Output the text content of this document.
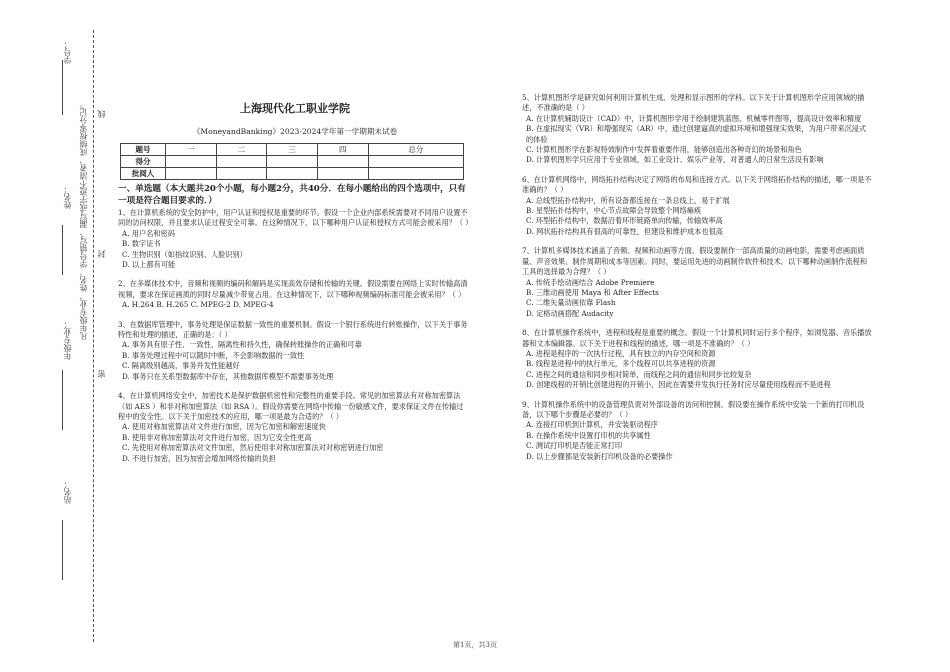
学号：
姓名：
年级专业：
站名：
凡年级专业、姓名、学号错写、漏写或字迹不清者，成绩按零分记。 线
封
密
上海现代化工职业学院
《MoneyandBanking》2023-2024学年第一学期期末试卷
题号	一	二	三	四	总分
得分					
批阅人					
一、单选题（本大题共20个小题，每小题2分，共40分．在每小题给出的四个选项中，只有一项是符合题目要求的．）

1、在计算机系统的安全防护中，用户认证和授权是重要的环节。假设一个企业内部系统需要对不同用户设置不同的访问权限，并且要求认证过程安全可靠。在这种情况下，以下哪种用户认证和授权方式可能会被采用？（ ）

A. 用户名和密码

B. 数字证书

C. 生物识别（如指纹识别、人脸识别）

D. 以上都有可能

2、在多媒体技术中，音频和视频的编码和解码是实现高效存储和传输的关键。假设需要在网络上实时传输高清视频，要求在保证画质的同时尽量减少带宽占用。在这种情况下，以下哪种视频编码标准可能会被采用？（ ）

A. H.264 B. H.265 C. MPEG-2 D. MPEG-4

3、在数据库管理中，事务处理是保证数据一致性的重要机制。假设一个银行系统进行转账操作，以下关于事务特性和处理的描述，正确的是：（ ）

A. 事务具有原子性、一致性、隔离性和持久性，确保转账操作的正确和可靠

B. 事务处理过程中可以随时中断，不会影响数据的一致性

C. 隔离级别越高，事务并发性能越好

D. 事务只在关系型数据库中存在，其他数据库模型不需要事务处理

4、在计算机网络安全中，加密技术是保护数据机密性和完整性的重要手段。常见的加密算法有对称加密算法（如 AES ）和非对称加密算法（如 RSA ）。假设你需要在网络中传输一份敏感文件，要求保证文件在传输过程中的安全性。以下关于加密技术的应用，哪一项是最为合适的？（ ）

A. 使用对称加密算法对文件进行加密，因为它加密和解密速度快

B. 使用非对称加密算法对文件进行加密，因为它安全性更高

C. 先使用对称加密算法对文件加密，然后使用非对称加密算法对对称密钥进行加密

D. 不进行加密，因为加密会增加网络传输的负担

5、计算机图形学是研究如何利用计算机生成、处理和显示图形的学科。以下关于计算机图形学应用领域的描述，不准确的是（ ）

A. 在计算机辅助设计（CAD）中，计算机图形学用于绘制建筑蓝图、机械零件图等，提高设计效率和精度

B. 在虚拟现实（VR）和增强现实（AR）中，通过创建逼真的虚拟环境和增强现实效果，为用户带来沉浸式的体验

C. 计算机图形学在影视特效制作中发挥着重要作用，能够创造出各种奇幻的场景和角色

D. 计算机图形学只应用于专业领域，如工业设计、娱乐产业等，对普通人的日常生活没有影响

6、在计算机网络中，网络拓扑结构决定了网络的布局和连接方式。以下关于网络拓扑结构的描述，哪一项是不准确的？（ ）

A. 总线型拓扑结构中，所有设备都连接在一条总线上，易于扩展

B. 星型拓扑结构中，中心节点故障会导致整个网络瘫痪

C. 环型拓扑结构中，数据沿着环形链路单向传输，传输效率高

D. 网状拓扑结构具有很高的可靠性，但建设和维护成本也很高

7、计算机多媒体技术涵盖了音频、视频和动画等方面。假设要制作一部高质量的动画电影，需要考虑画面质量、声音效果、制作周期和成本等因素。同时，要运用先进的动画制作软件和技术。以下哪种动画制作流程和工具的选择最为合理？（ ）

A. 传统手绘动画结合 Adobe Premiere

B. 三维动画使用 Maya 和 After Effects

C. 二维矢量动画依靠 Flash

D. 定格动画搭配 Audacity

8、在计算机操作系统中，进程和线程是重要的概念。假设一个计算机同时运行多个程序，如浏览器、音乐播放器和文本编辑器。以下关于进程和线程的描述，哪一项是不准确的？（ ）

A. 进程是程序的一次执行过程，具有独立的内存空间和资源

B. 线程是进程中的执行单元，多个线程可以共享进程的资源

C. 进程之间的通信和同步相对简单，而线程之间的通信和同步比较复杂

D. 创建线程的开销比创建进程的开销小，因此在需要并发执行任务时应尽量使用线程而不是进程

9、计算机操作系统中的设备管理负责对外部设备的访问和控制。假设要在操作系统中安装一个新的打印机设备，以下哪个步骤是必要的？（ ）

A. 连接打印机到计算机，并安装驱动程序

B. 在操作系统中设置打印机的共享属性

C. 测试打印机是否能正常打印

D. 以上步骤都是安装新打印机设备的必要操作

第1页，共3页
